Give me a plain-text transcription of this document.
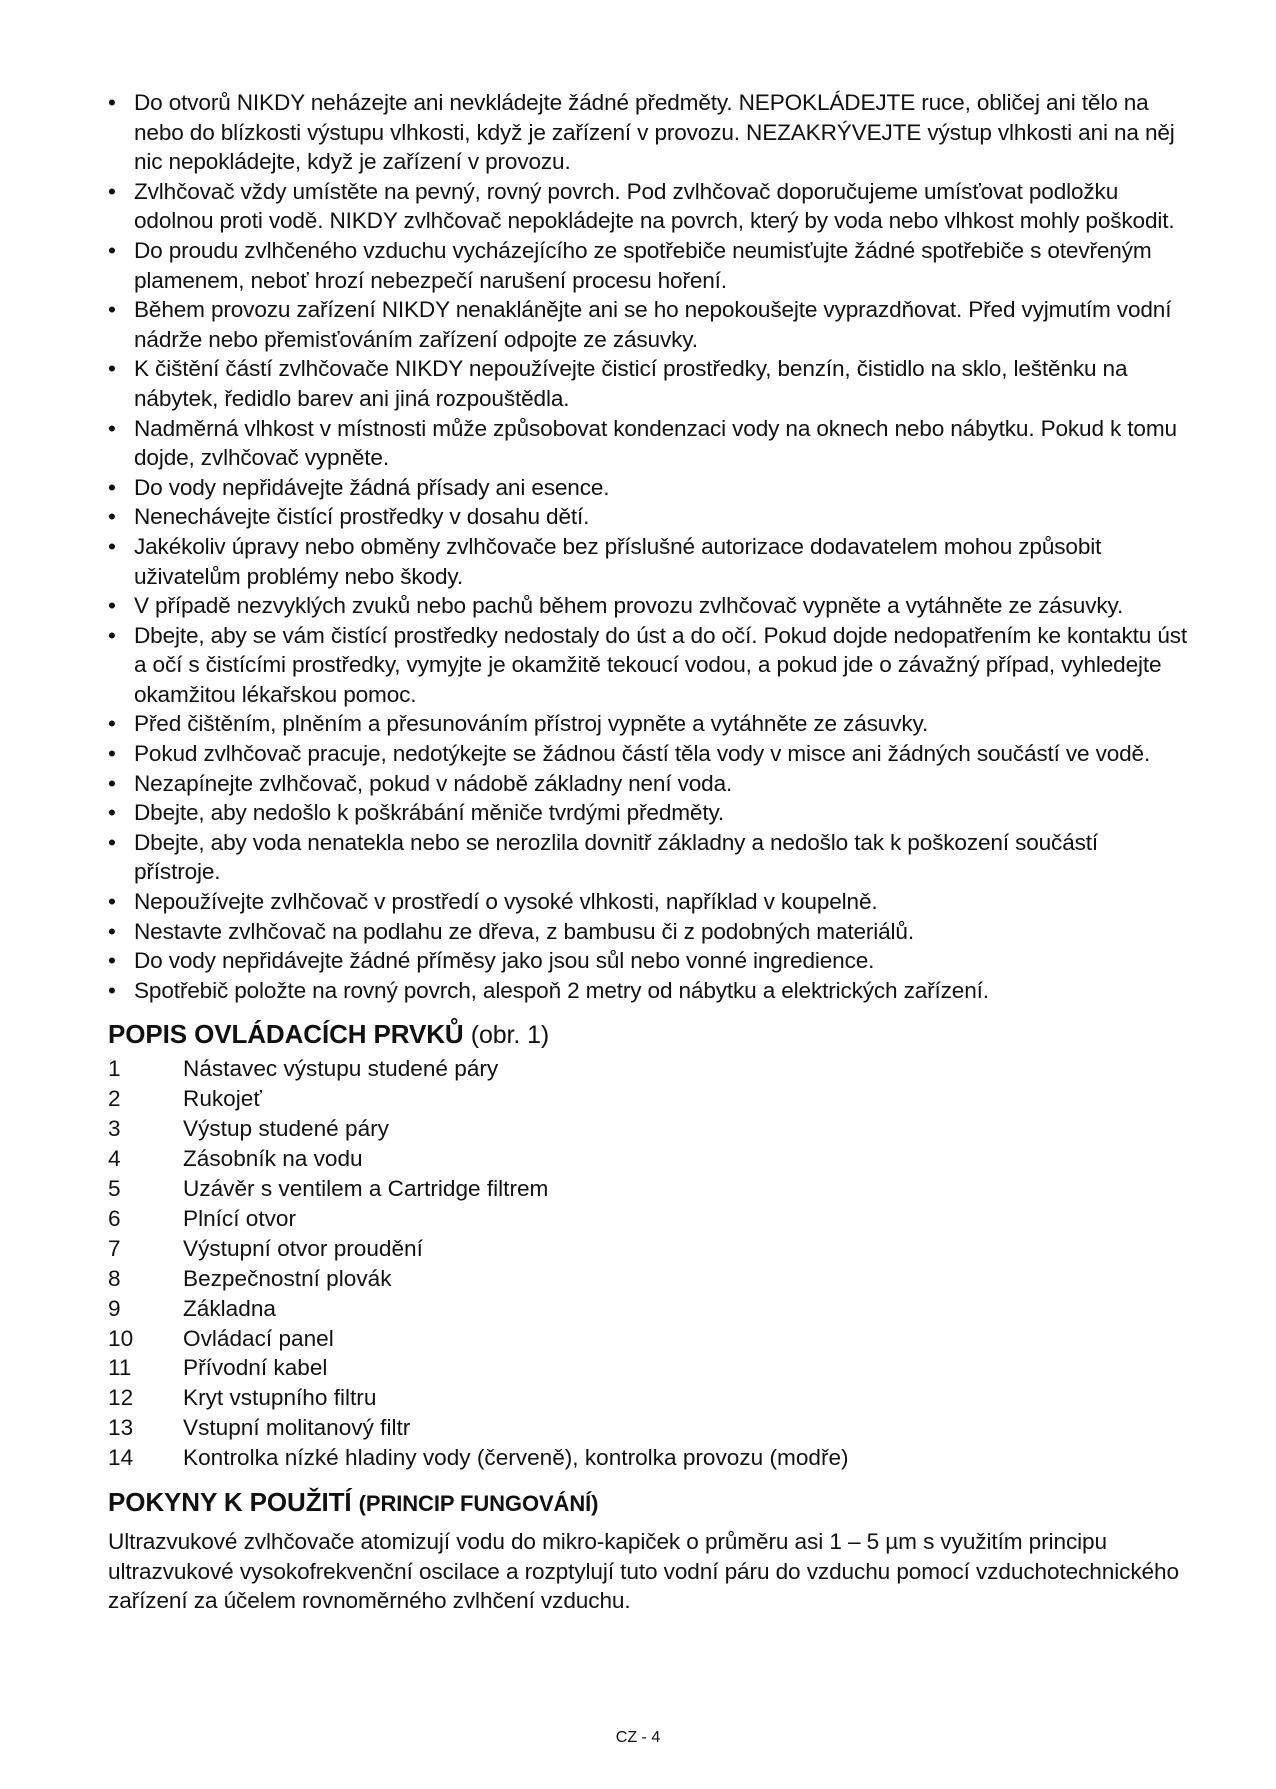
• Do otvorů NIKDY neházejte ani nevkládejte žádné předměty. NEPOKLÁDEJTE ruce, obličej ani tělo na nebo do blízkosti výstupu vlhkosti, když je zařízení v provozu. NEZAKRÝVEJTE výstup vlhkosti ani na něj nic nepokládejte, když je zařízení v provozu.
• Zvlhčovač vždy umístěte na pevný, rovný povrch. Pod zvlhčovač doporučujeme umísťovat podložku odolnou proti vodě. NIKDY zvlhčovač nepokládejte na povrch, který by voda nebo vlhkost mohly poškodit.
• Do proudu zvlhčeného vzduchu vycházejícího ze spotřebiče neumisťujte žádné spotřebiče s otevřeným plamenem, neboť hrozí nebezpečí narušení procesu hoření.
• Během provozu zařízení NIKDY nenaklánějte ani se ho nepokoušejte vyprazdňovat. Před vyjmutím vodní nádrže nebo přemisťováním zařízení odpojte ze zásuvky.
• K čištění částí zvlhčovače NIKDY nepoužívejte čisticí prostředky, benzín, čistidlo na sklo, leštěnku na nábytek, ředidlo barev ani jiná rozpouštědla.
• Nadměrná vlhkost v místnosti může způsobovat kondenzaci vody na oknech nebo nábytku. Pokud k tomu dojde, zvlhčovač vypněte.
• Do vody nepřidávejte žádná přísady ani esence.
• Nenechávejte čistící prostředky v dosahu dětí.
• Jakékoliv úpravy nebo obměny zvlhčovače bez příslušné autorizace dodavatelem mohou způsobit uživatelům problémy nebo škody.
• V případě nezvyklých zvuků nebo pachů během provozu zvlhčovač vypněte a vytáhněte ze zásuvky.
• Dbejte, aby se vám čistící prostředky nedostaly do úst a do očí. Pokud dojde nedopatřením ke kontaktu úst a očí s čistícími prostředky, vymyjte je okamžitě tekoucí vodou, a pokud jde o závažný případ, vyhledejte okamžitou lékařskou pomoc.
• Před čištěním, plněním a přesunováním přístroj vypněte a vytáhněte ze zásuvky.
• Pokud zvlhčovač pracuje, nedotýkejte se žádnou částí těla vody v misce ani žádných součástí ve vodě.
• Nezapínejte zvlhčovač, pokud v nádobě základny není voda.
• Dbejte, aby nedošlo k poškrábání měniče tvrdými předměty.
• Dbejte, aby voda nenatekla nebo se nerozlila dovnitř základny a nedošlo tak k poškození součástí přístroje.
• Nepoužívejte zvlhčovač v prostředí o vysoké vlhkosti, například v koupelně.
• Nestavte zvlhčovač na podlahu ze dřeva, z bambusu či z podobných materiálů.
• Do vody nepřidávejte žádné příměsy jako jsou sůl nebo vonné ingredience.
• Spotřebič položte na rovný povrch, alespoň 2 metry od nábytku a elektrických zařízení.
POPIS OVLÁDACÍCH PRVKŮ (obr. 1)
1	Nástavec výstupu studené páry
2	Rukojeť
3	Výstup studené páry
4	Zásobník na vodu
5	Uzávěr s ventilem a Cartridge filtrem
6	Plnící otvor
7	Výstupní otvor proudění
8	Bezpečnostní plovák
9	Základna
10	Ovládací panel
11	Přívodní kabel
12	Kryt vstupního filtru
13	Vstupní molitanový filtr
14	Kontrolka nízké hladiny vody (červeně), kontrolka provozu (modře)
POKYNY K POUŽITÍ (PRINCIP FUNGOVÁNÍ)

Ultrazvukové zvlhčovače atomizují vodu do mikro-kapiček o průměru asi 1 – 5 µm s využitím principu ultrazvukové vysokofrekvenční oscilace a rozptylují tuto vodní páru do vzduchu pomocí vzduchotechnického zařízení za účelem rovnoměrného zvlhčení vzduchu.

CZ - 4
